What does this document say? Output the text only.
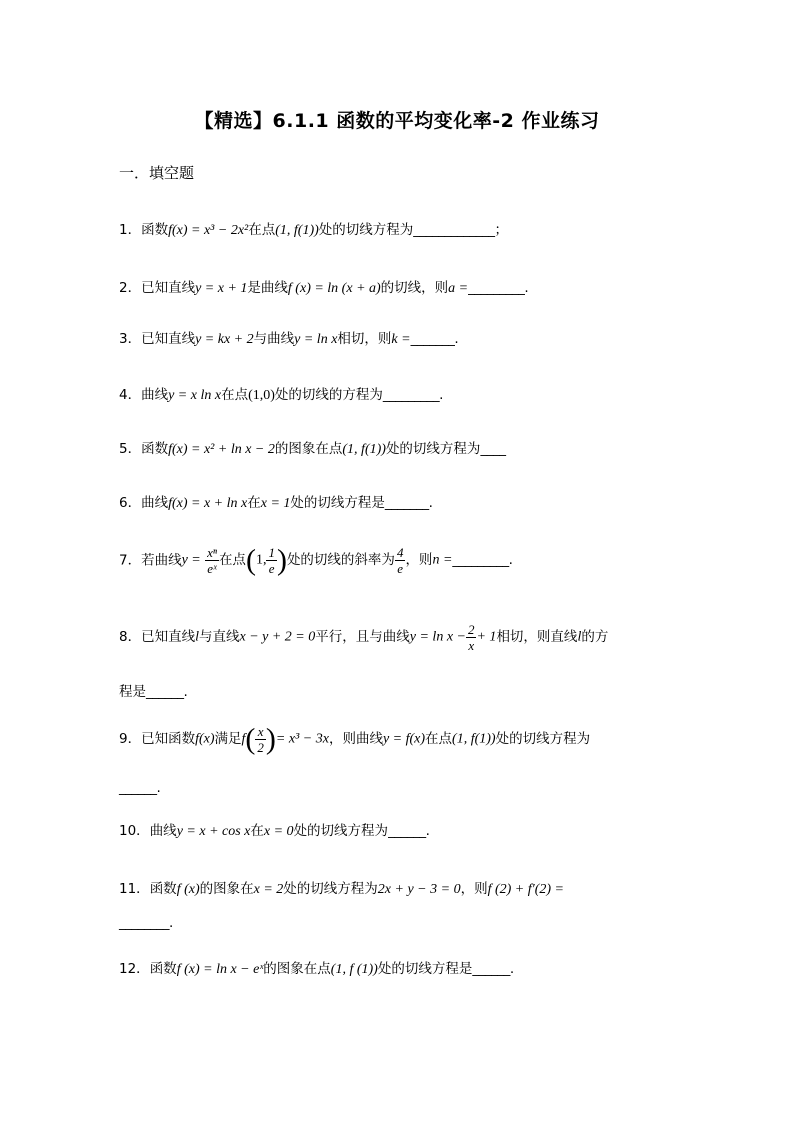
【精选】6.1.1 函数的平均变化率-2 作业练习
一．填空题
1．函数f(x) = x³ − 2x²在点(1, f(1))处的切线方程为_____________；
2．已知直线y = x + 1是曲线f (x) = ln (x + a)的切线，则a =_________.
3．已知直线y = kx + 2与曲线y = ln x相切，则k =_______.
4．曲线y = x ln x在点(1,0)处的切线的方程为_________.
5．函数f(x) = x² + ln x − 2的图象在点(1, f(1))处的切线方程为____
6．曲线f(x) = x + ln x在x = 1处的切线方程是_______.
7．若曲线$y = \frac{\text{xⁿ}}{\text{eˣ}}$ 在点(1, $\frac{1}{e}$ )处的切线的斜率为 $\frac{4}{e}$ ，则n =_________.
8．已知直线l与直线x − y + 2 = 0平行，且与曲线$y = \ln x - \frac{2}{x} + 1$相切，则直线l的方
程是______.
9．已知函数f(x)满足$f( \frac{x}{2}$ )= x³ − 3x，则曲线y = f(x)在点(1, f(1))处的切线方程为
______.
10．曲线y = x + cos x在x = 0处的切线方程为______.
11．函数f (x)的图象在x = 2处的切线方程为2x + y − 3 = 0，则f (2) + f′(2) =
________.
12．函数f (x) = ln x − eˣ的图象在点(1, f (1))处的切线方程是______.
